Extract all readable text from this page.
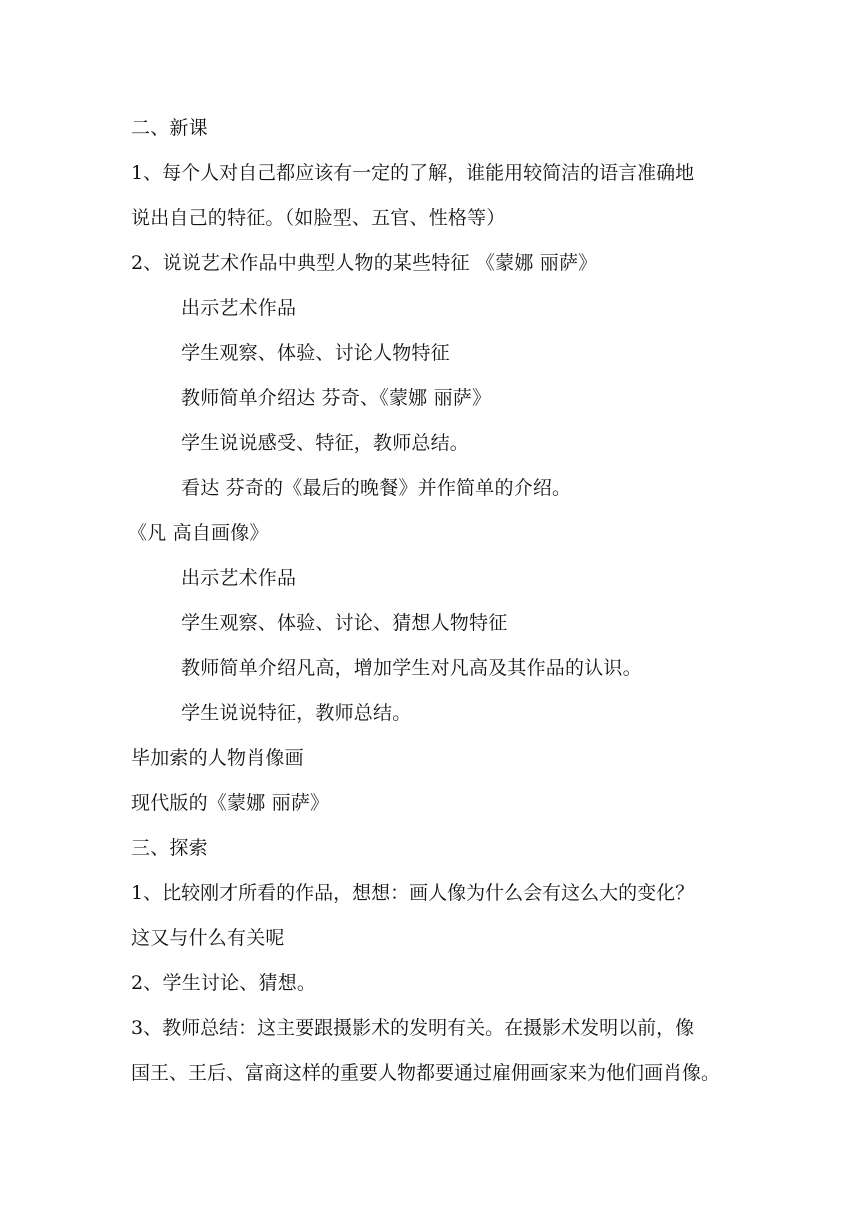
二、新课
1、每个人对自己都应该有一定的了解，谁能用较简洁的语言准确地
说出自己的特征。（如脸型、五官、性格等）
2、说说艺术作品中典型人物的某些特征 《蒙娜 丽萨》
出示艺术作品
学生观察、体验、讨论人物特征
教师简单介绍达 芬奇、《蒙娜 丽萨》
学生说说感受、特征，教师总结。
看达 芬奇的《最后的晚餐》并作简单的介绍。
《凡 高自画像》
出示艺术作品
学生观察、体验、讨论、猜想人物特征
教师简单介绍凡高，增加学生对凡高及其作品的认识。
学生说说特征，教师总结。
毕加索的人物肖像画
现代版的《蒙娜 丽萨》
三、探索
1、比较刚才所看的作品，想想：画人像为什么会有这么大的变化？
这又与什么有关呢
2、学生讨论、猜想。
3、教师总结：这主要跟摄影术的发明有关。在摄影术发明以前，像
国王、王后、富商这样的重要人物都要通过雇佣画家来为他们画肖像。
